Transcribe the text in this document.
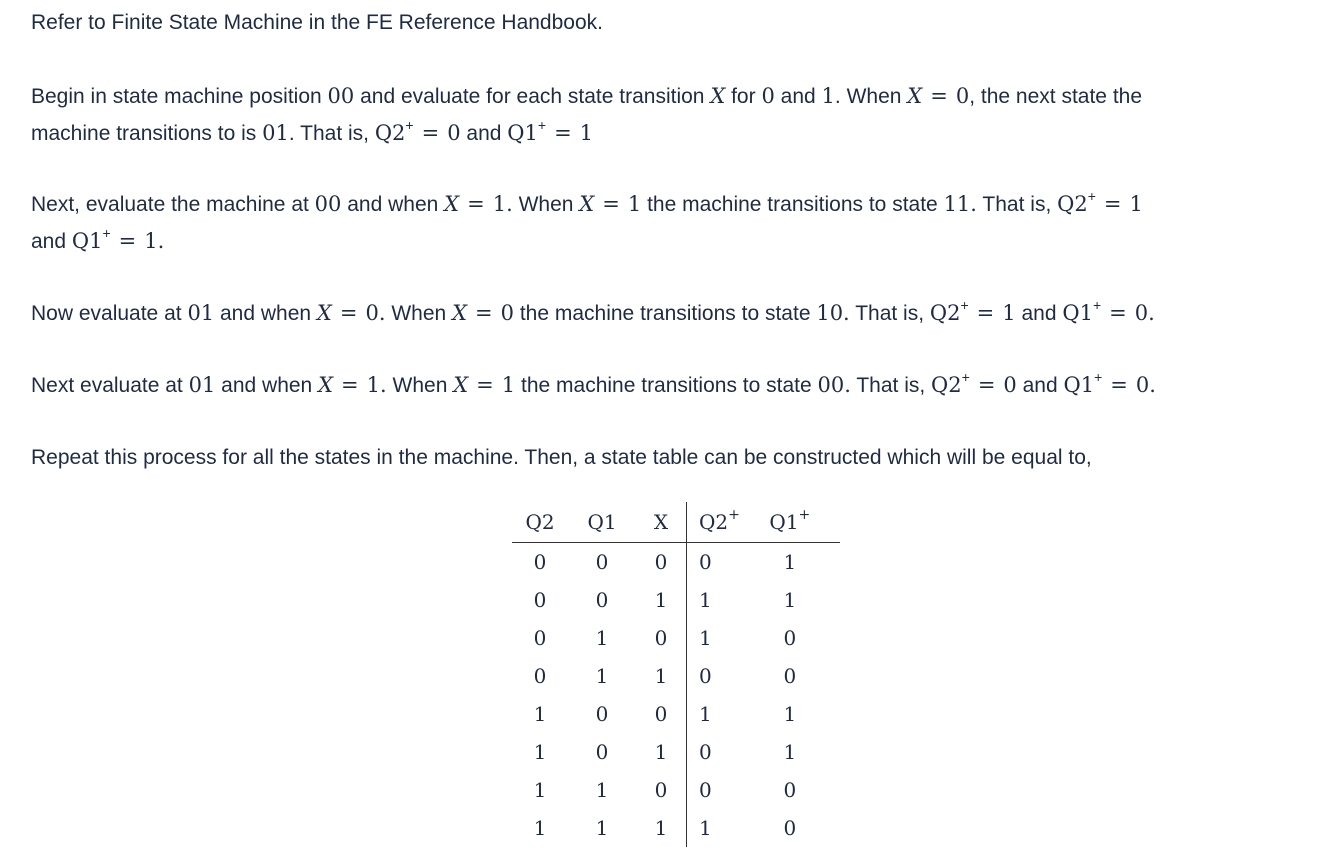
Refer to Finite State Machine in the FE Reference Handbook.

Begin in state machine position 00 and evaluate for each state transition X for 0 and 1. When X = 0, the next state the
machine transitions to is 01. That is, Q2+ = 0 and Q1+ = 1

Next, evaluate the machine at 00 and when X = 1. When X = 1 the machine transitions to state 11. That is, Q2+ = 1
and Q1+ = 1.

Now evaluate at 01 and when X = 0. When X = 0 the machine transitions to state 10. That is, Q2+ = 1 and Q1+ = 0.

Next evaluate at 01 and when X = 1. When X = 1 the machine transitions to state 00. That is, Q2+ = 0 and Q1+ = 0.

Repeat this process for all the states in the machine. Then, a state table can be constructed which will be equal to,

Q2	Q1	X	Q2+	Q1+
0	0	0	0	1
0	0	1	1	1
0	1	0	1	0
0	1	1	0	0
1	0	0	1	1
1	0	1	0	1
1	1	0	0	0
1	1	1	1	0
